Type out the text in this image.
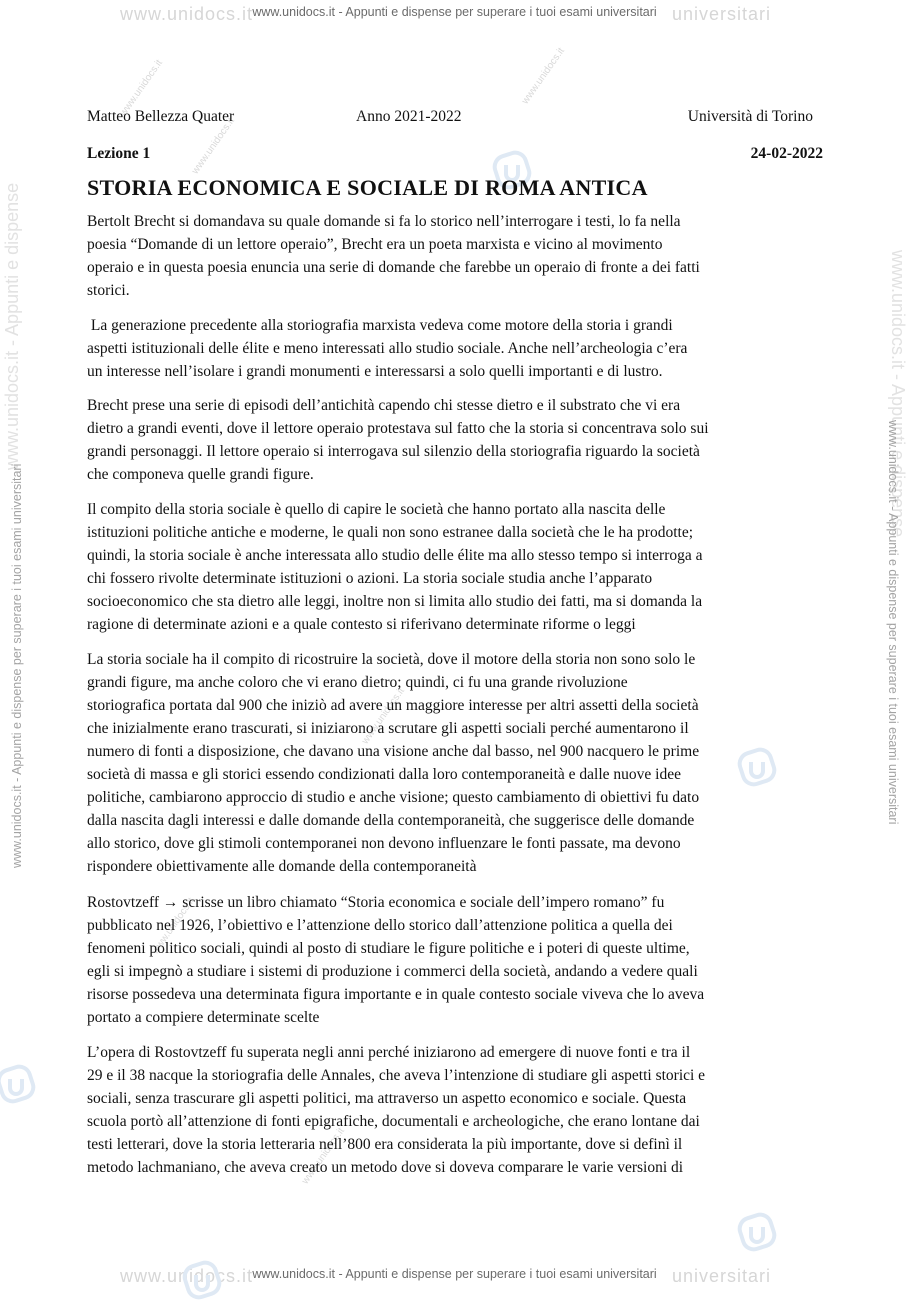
www.unidocs.it	universitari
www.unidocs.it - Appunti e dispense per superare i tuoi esami universitari
www.unidocs.it	universitari
www.unidocs.it - Appunti e dispense per superare i tuoi esami universitari
www.unidocs.it - Appunti e dispense	www.unidocs.it - Appunti e dispense
www.unidocs.it - Appunti e dispense per superare i tuoi esami universitari	www.unidocs.it - Appunti e dispense per superare i tuoi esami universitari
www.unidocs.it
www.unidocs.it
www.unidocs.it
www.unidocs.it
www.unidocs.it
www.unidocs.it
Matteo Bellezza Quater	Anno 2021-2022	Università di Torino
Lezione 1	24-02-2022
STORIA ECONOMICA E SOCIALE DI ROMA ANTICA

Bertolt Brecht si domandava su quale domande si fa lo storico nell’interrogare i testi, lo fa nella
poesia “Domande di un lettore operaio”, Brecht era un poeta marxista e vicino al movimento
operaio e in questa poesia enuncia una serie di domande che farebbe un operaio di fronte a dei fatti
storici.

La generazione precedente alla storiografia marxista vedeva come motore della storia i grandi
aspetti istituzionali delle élite e meno interessati allo studio sociale. Anche nell’archeologia c’era
un interesse nell’isolare i grandi monumenti e interessarsi a solo quelli importanti e di lustro.

Brecht prese una serie di episodi dell’antichità capendo chi stesse dietro e il substrato che vi era
dietro a grandi eventi, dove il lettore operaio protestava sul fatto che la storia si concentrava solo sui
grandi personaggi. Il lettore operaio si interrogava sul silenzio della storiografia riguardo la società
che componeva quelle grandi figure.

Il compito della storia sociale è quello di capire le società che hanno portato alla nascita delle
istituzioni politiche antiche e moderne, le quali non sono estranee dalla società che le ha prodotte;
quindi, la storia sociale è anche interessata allo studio delle élite ma allo stesso tempo si interroga a
chi fossero rivolte determinate istituzioni o azioni. La storia sociale studia anche l’apparato
socioeconomico che sta dietro alle leggi, inoltre non si limita allo studio dei fatti, ma si domanda la
ragione di determinate azioni e a quale contesto si riferivano determinate riforme o leggi

La storia sociale ha il compito di ricostruire la società, dove il motore della storia non sono solo le
grandi figure, ma anche coloro che vi erano dietro; quindi, ci fu una grande rivoluzione
storiografica portata dal 900 che iniziò ad avere un maggiore interesse per altri assetti della società
che inizialmente erano trascurati, si iniziarono a scrutare gli aspetti sociali perché aumentarono il
numero di fonti a disposizione, che davano una visione anche dal basso, nel 900 nacquero le prime
società di massa e gli storici essendo condizionati dalla loro contemporaneità e dalle nuove idee
politiche, cambiarono approccio di studio e anche visione; questo cambiamento di obiettivi fu dato
dalla nascita dagli interessi e dalle domande della contemporaneità, che suggerisce delle domande
allo storico, dove gli stimoli contemporanei non devono influenzare le fonti passate, ma devono
rispondere obiettivamente alle domande della contemporaneità

Rostovtzeff → scrisse un libro chiamato “Storia economica e sociale dell’impero romano” fu
pubblicato nel 1926, l’obiettivo e l’attenzione dello storico dall’attenzione politica a quella dei
fenomeni politico sociali, quindi al posto di studiare le figure politiche e i poteri di queste ultime,
egli si impegnò a studiare i sistemi di produzione i commerci della società, andando a vedere quali
risorse possedeva una determinata figura importante e in quale contesto sociale viveva che lo aveva
portato a compiere determinate scelte

L’opera di Rostovtzeff fu superata negli anni perché iniziarono ad emergere di nuove fonti e tra il
29 e il 38 nacque la storiografia delle Annales, che aveva l’intenzione di studiare gli aspetti storici e
sociali, senza trascurare gli aspetti politici, ma attraverso un aspetto economico e sociale. Questa
scuola portò all’attenzione di fonti epigrafiche, documentali e archeologiche, che erano lontane dai
testi letterari, dove la storia letteraria nell’800 era considerata la più importante, dove si definì il
metodo lachmaniano, che aveva creato un metodo dove si doveva comparare le varie versioni di
